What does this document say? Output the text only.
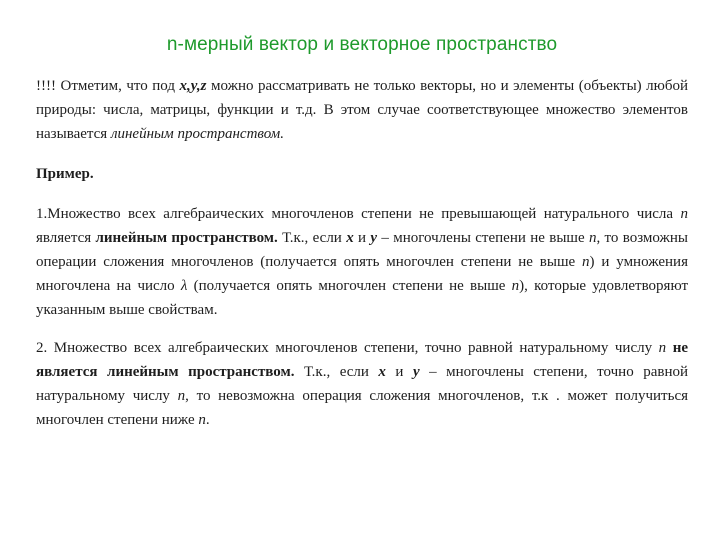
n-мерный вектор и векторное пространство

!!!! Отметим, что под x,y,z можно рассматривать не только векторы, но и элементы (объекты) любой природы: числа, матрицы, функции и т.д. В этом случае соответствующее множество элементов называется линейным пространством.

Пример.

1.Множество всех алгебраических многочленов степени не превышающей натурального числа n является линейным пространством. Т.к., если x и y – многочлены степени не выше n, то возможны операции сложения многочленов (получается опять многочлен степени не выше n) и умножения многочлена на число λ (получается опять многочлен степени не выше n), которые удовлетворяют указанным выше свойствам.

2. Множество всех алгебраических многочленов степени, точно равной натуральному числу n не является линейным пространством. Т.к., если x и y – многочлены степени, точно равной натуральному числу n, то невозможна операция сложения многочленов, т.к . может получиться многочлен степени ниже n.
